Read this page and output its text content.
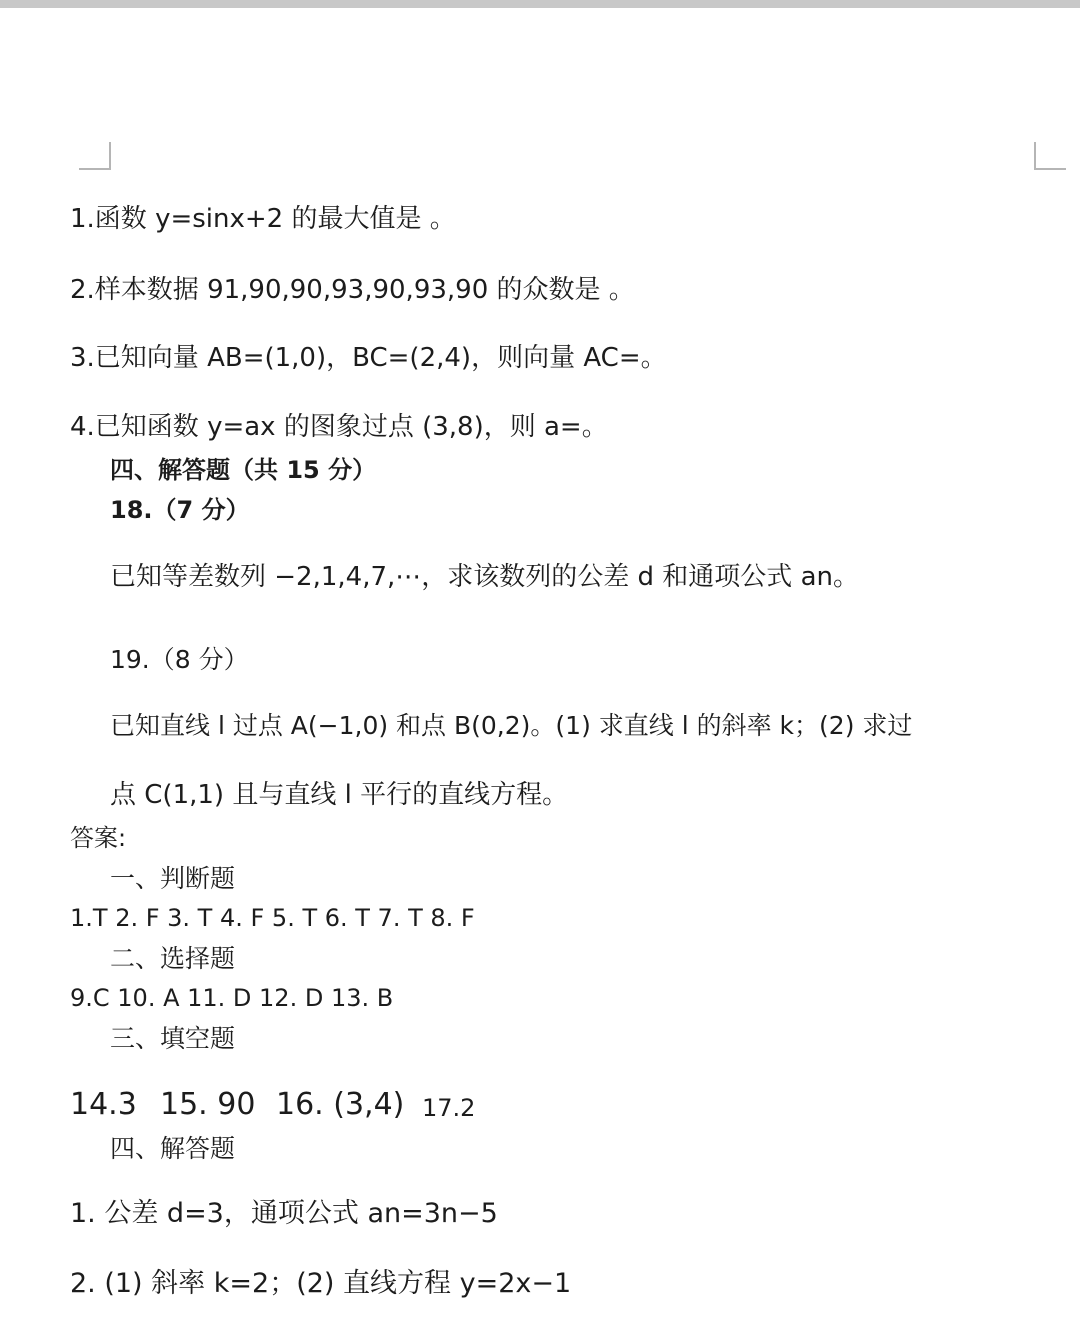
1.函数 y=sinx+2 的最大值是 。
2.样本数据 91,90,90,93,90,93,90 的众数是 。
3.已知向量 AB=(1,0)，BC=(2,4)，则向量 AC=。
4.已知函数 y=ax 的图象过点 (3,8)，则 a=。
四、解答题（共 15 分）
18.（7 分）
已知等差数列 −2,1,4,7,⋯，求该数列的公差 d 和通项公式 an。
19.（8 分）
已知直线 l 过点 A(−1,0) 和点 B(0,2)。(1) 求直线 l 的斜率 k；(2) 求过
点 C(1,1) 且与直线 l 平行的直线方程。
答案:
一、判断题
1.T 2. F 3. T 4. F 5. T 6. T 7. T 8. F
二、选择题
9.C 10. A 11. D 12. D 13. B
三、填空题
14.3 15. 90 16. (3,4) 17.2
四、解答题
1. 公差 d=3，通项公式 an=3n−5
2. (1) 斜率 k=2；(2) 直线方程 y=2x−1
